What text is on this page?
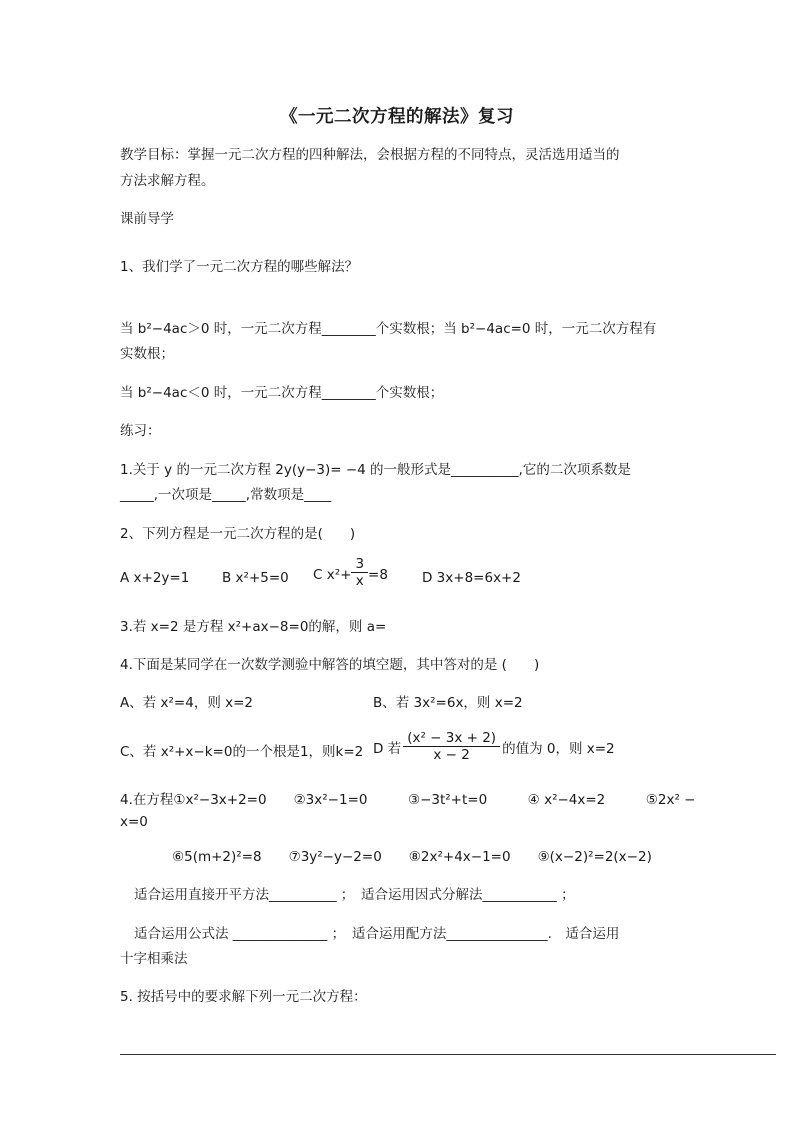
《一元二次方程的解法》复习
教学目标：掌握一元二次方程的四种解法，会根据方程的不同特点，灵活选用适当的
方法求解方程。
课前导学
1、我们学了一元二次方程的哪些解法？
当 b²−4ac＞0 时，一元二次方程________个实数根；当 b²−4ac=0 时，一元二次方程有
实数根；
当 b²−4ac＜0 时，一元二次方程________个实数根；
练习：
1.关于 y 的一元二次方程 2y(y−3)= −4 的一般形式是__________,它的二次项系数是
_____,一次项是_____,常数项是____
2、下列方程是一元二次方程的是(　　)
A x+2y=1 B x²+5=0 C $x^2+ \frac{3}{x} =8$	D 3x+8=6x+2
3.若 x=2 是方程 x²+ax−8=0的解，则 a=
4.下面是某同学在一次数学测验中解答的填空题，其中答对的是 (　　)
A、若 x²=4，则 x=2	B、若 3x²=6x，则 x=2
C、若 x²+x−k=0的一个根是1，则k=2 D 若 $\frac{\text{(x² − 3x + 2)}}{x - 2}$ 的值为 0，则 x=2
4.在方程①x²−3x+2=0　　②3x²−1=0　　　③−3t²+t=0　　　④ x²−4x=2　　　⑤2x² −
x=0
⑥5(m+2)²=8　　⑦3y²−y−2=0　　⑧2x²+4x−1=0　　⑨(x−2)²=2(x−2)
适合运用直接开平方法__________ ；　适合运用因式分解法___________ ；
适合运用公式法 ______________ ；　适合运用配方法_______________.　适合运用
十字相乘法
5. 按括号中的要求解下列一元二次方程：
